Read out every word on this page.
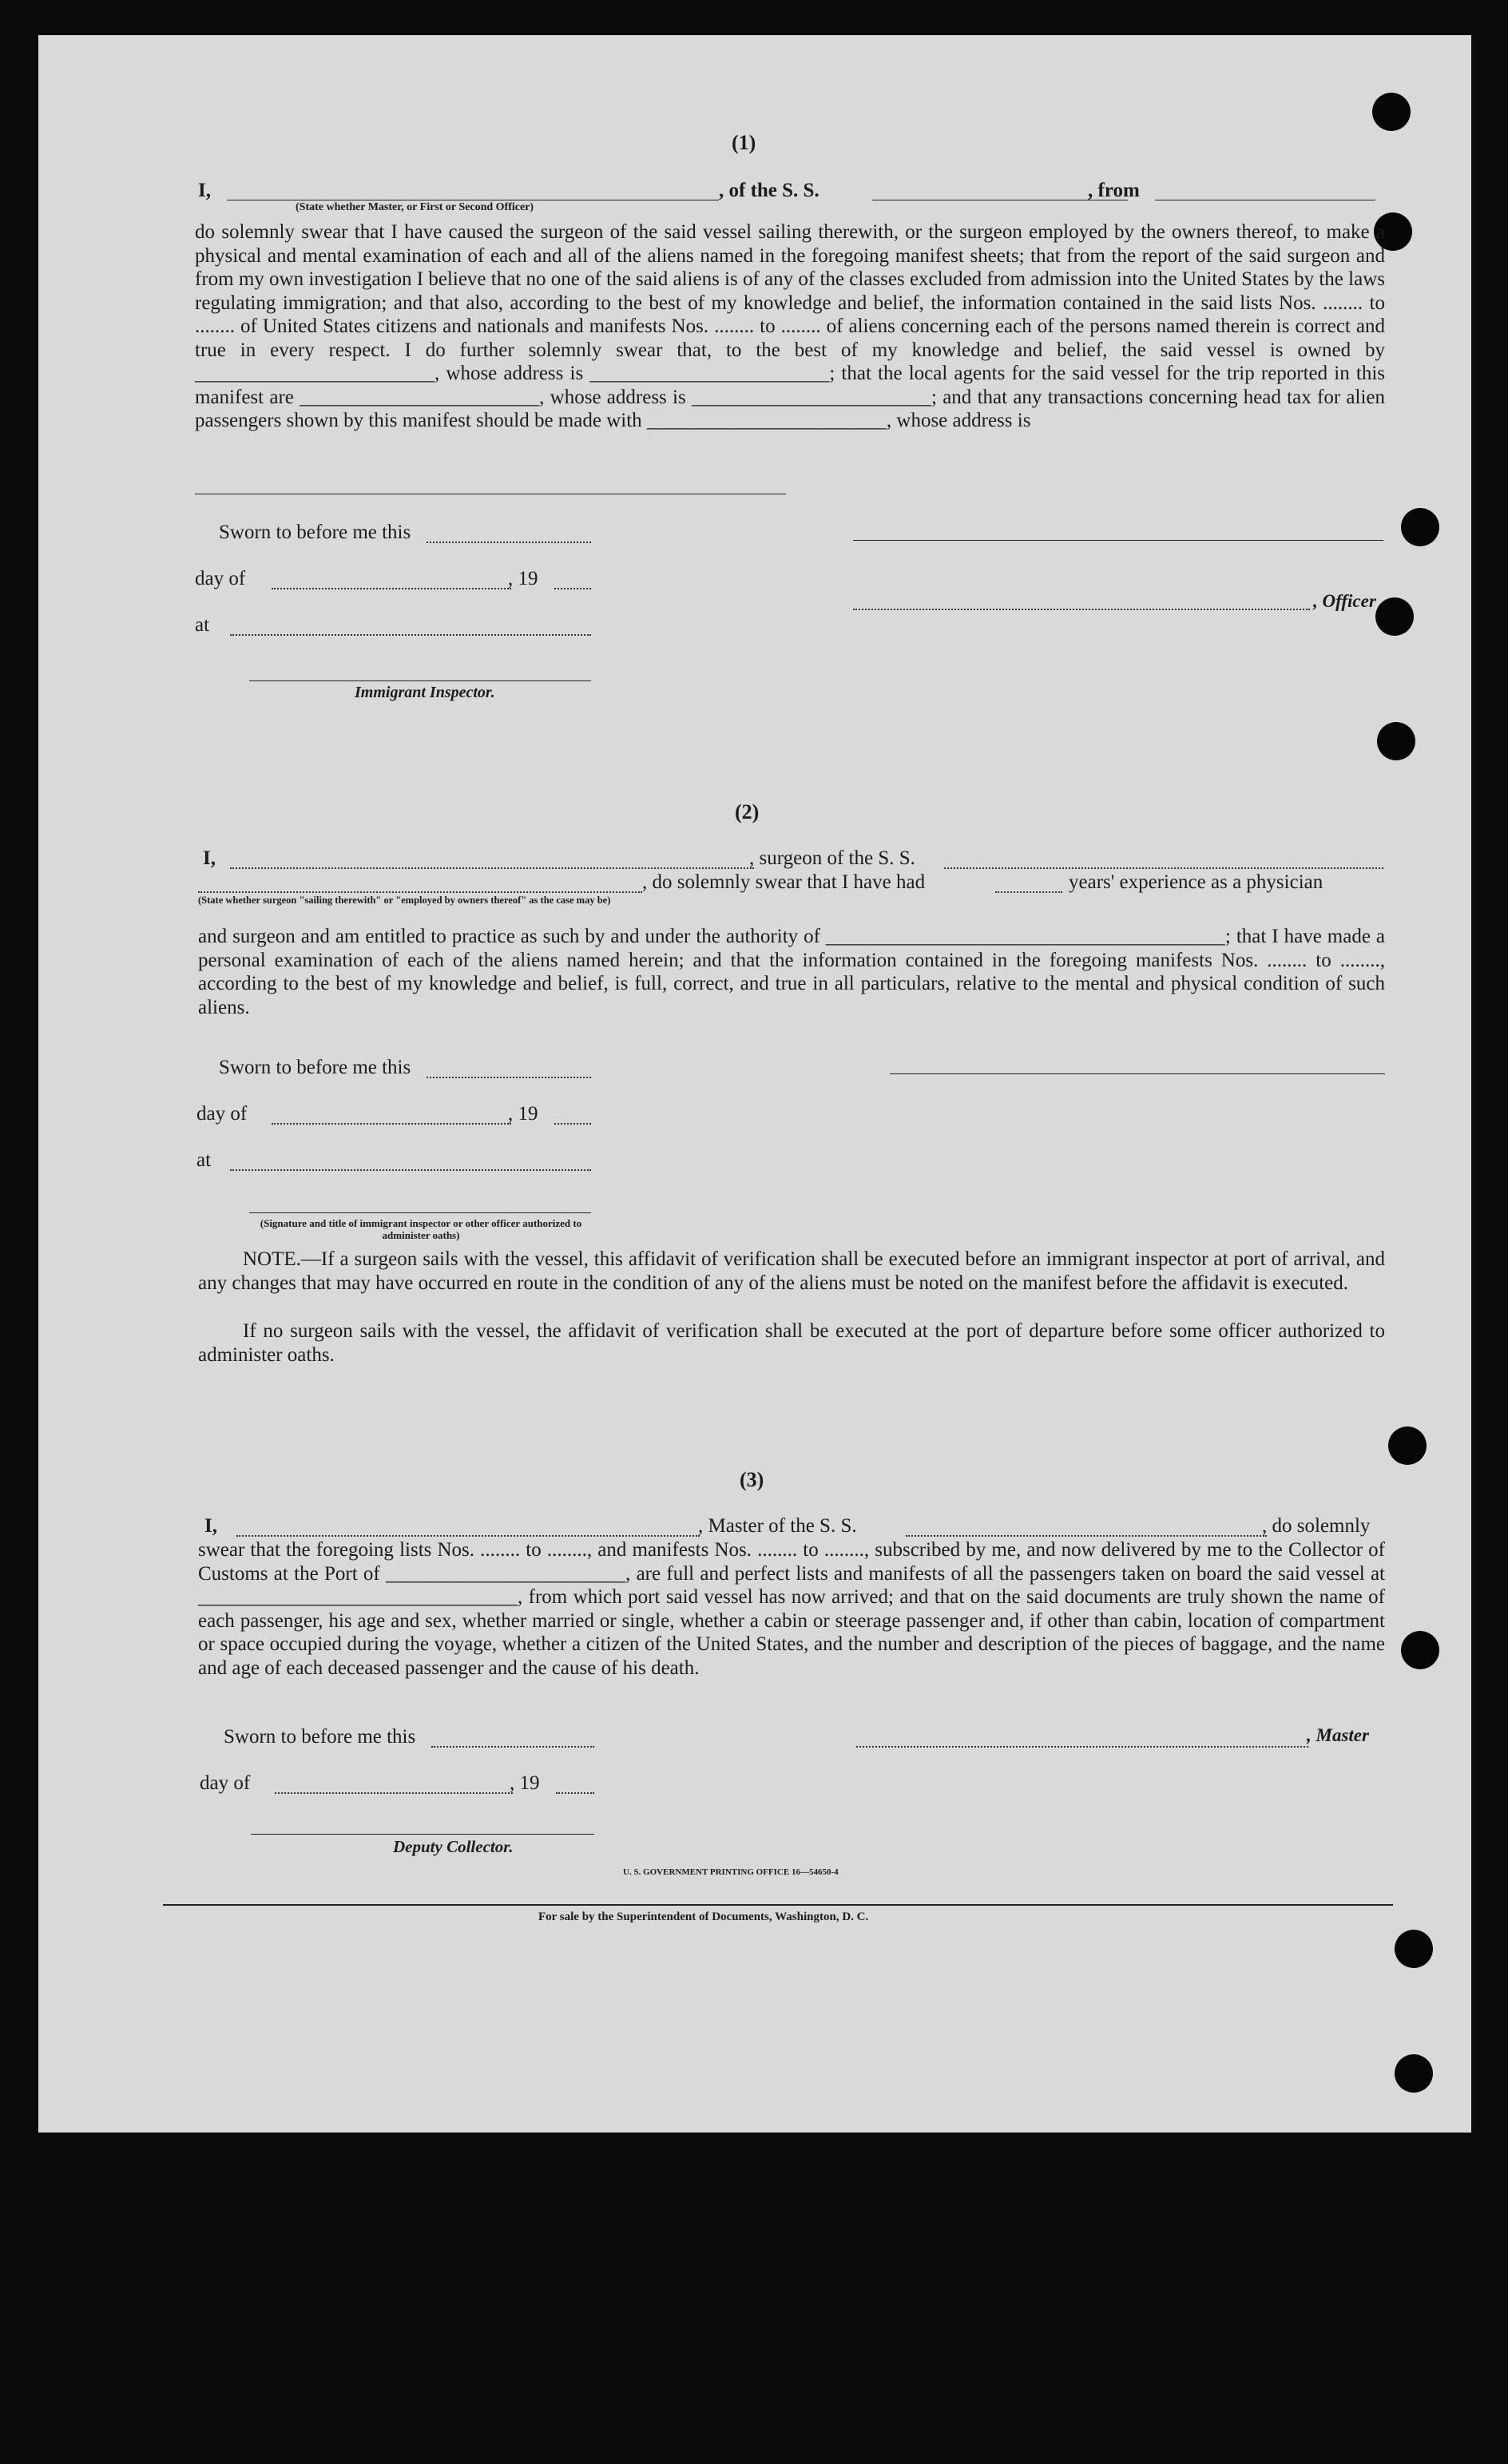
(1)
I,	, of the S. S.	, from
(State whether Master, or First or Second Officer)
do solemnly swear that I have caused the surgeon of the said vessel sailing therewith, or the surgeon employed by the owners thereof, to make a physical and mental examination of each and all of the aliens named in the foregoing manifest sheets; that from the report of the said surgeon and from my own investigation I believe that no one of the said aliens is of any of the classes excluded from admission into the United States by the laws regulating immigration; and that also, according to the best of my knowledge and belief, the information contained in the said lists Nos. ........ to ........ of United States citizens and nationals and manifests Nos. ........ to ........ of aliens concerning each of the persons named therein is correct and true in every respect. I do further solemnly swear that, to the best of my knowledge and belief, the said vessel is owned by ________________________, whose address is ________________________; that the local agents for the said vessel for the trip reported in this manifest are ________________________, whose address is ________________________; and that any transactions concerning head tax for alien passengers shown by this manifest should be made with ________________________, whose address is
Sworn to before me this
day of	, 19
, Officer
at
Immigrant Inspector.
(2)
I,	, surgeon of the S. S.
, do solemnly swear that I have had	years' experience as a physician
(State whether surgeon "sailing therewith" or "employed by owners thereof" as the case may be)
and surgeon and am entitled to practice as such by and under the authority of ________________________________________; that I have made a personal examination of each of the aliens named herein; and that the information contained in the foregoing manifests Nos. ........ to ........, according to the best of my knowledge and belief, is full, correct, and true in all particulars, relative to the mental and physical condition of such aliens.
Sworn to before me this
day of	, 19
at
(Signature and title of immigrant inspector or other officer authorized to administer oaths)
NOTE.—If a surgeon sails with the vessel, this affidavit of verification shall be executed before an immigrant inspector at port of arrival, and any changes that may have occurred en route in the condition of any of the aliens must be noted on the manifest before the affidavit is executed.
If no surgeon sails with the vessel, the affidavit of verification shall be executed at the port of departure before some officer authorized to administer oaths.
(3)
I,	, Master of the S. S.	, do solemnly
swear that the foregoing lists Nos. ........ to ........, and manifests Nos. ........ to ........, subscribed by me, and now delivered by me to the Collector of Customs at the Port of ________________________, are full and perfect lists and manifests of all the passengers taken on board the said vessel at ________________________________, from which port said vessel has now arrived; and that on the said documents are truly shown the name of each passenger, his age and sex, whether married or single, whether a cabin or steerage passenger and, if other than cabin, location of compartment or space occupied during the voyage, whether a citizen of the United States, and the number and description of the pieces of baggage, and the name and age of each deceased passenger and the cause of his death.
Sworn to before me this	, Master
day of	, 19
Deputy Collector.
U. S. GOVERNMENT PRINTING OFFICE 16—54650-4
For sale by the Superintendent of Documents, Washington, D. C.
